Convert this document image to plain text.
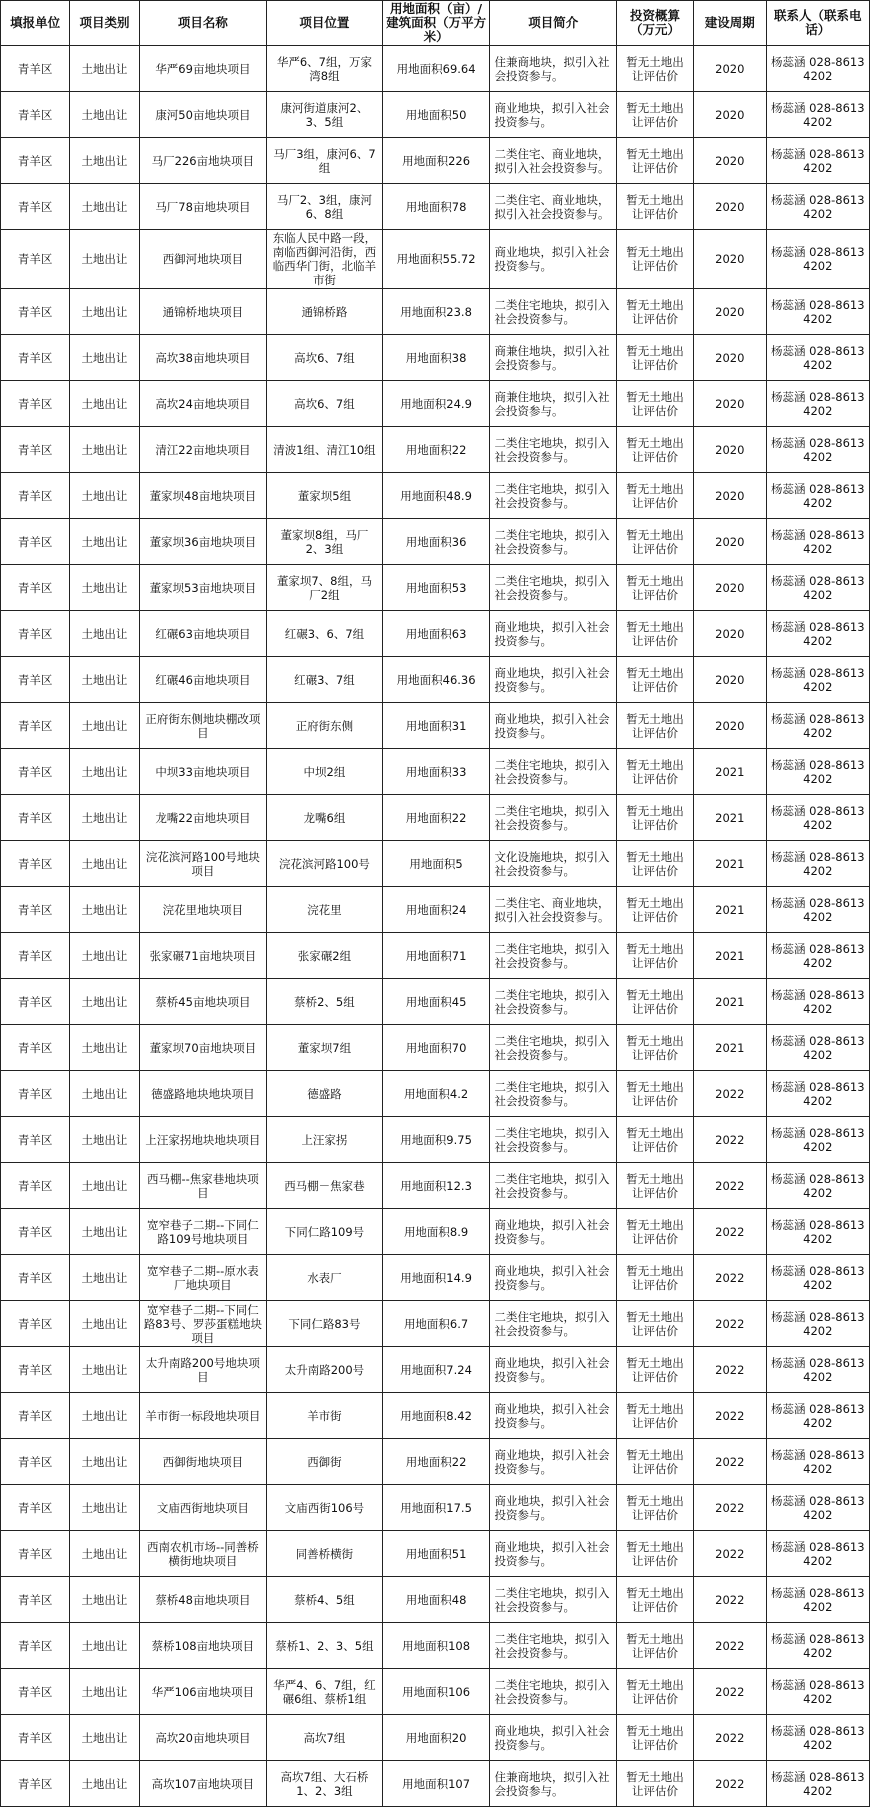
填报单位	项目类别	项目名称	项目位置	用地面积（亩）/建筑面积（万平方米）	项目简介	投资概算（万元）	建设周期	联系人（联系电话）
青羊区	土地出让	华严69亩地块项目	华严6、7组，万家湾8组	用地面积69.64	住兼商地块，拟引入社会投资参与。	暂无土地出让评估价	2020	杨蕊涵 028-86134202
青羊区	土地出让	康河50亩地块项目	康河街道康河2、3、5组	用地面积50	商业地块，拟引入社会投资参与。	暂无土地出让评估价	2020	杨蕊涵 028-86134202
青羊区	土地出让	马厂226亩地块项目	马厂3组，康河6、7组	用地面积226	二类住宅、商业地块，拟引入社会投资参与。	暂无土地出让评估价	2020	杨蕊涵 028-86134202
青羊区	土地出让	马厂78亩地块项目	马厂2、3组，康河6、8组	用地面积78	二类住宅、商业地块，拟引入社会投资参与。	暂无土地出让评估价	2020	杨蕊涵 028-86134202
青羊区	土地出让	西御河地块项目	东临人民中路一段，南临西御河沿街，西临西华门街，北临羊市街	用地面积55.72	商业地块，拟引入社会投资参与。	暂无土地出让评估价	2020	杨蕊涵 028-86134202
青羊区	土地出让	通锦桥地块项目	通锦桥路	用地面积23.8	二类住宅地块，拟引入社会投资参与。	暂无土地出让评估价	2020	杨蕊涵 028-86134202
青羊区	土地出让	高坎38亩地块项目	高坎6、7组	用地面积38	商兼住地块，拟引入社会投资参与。	暂无土地出让评估价	2020	杨蕊涵 028-86134202
青羊区	土地出让	高坎24亩地块项目	高坎6、7组	用地面积24.9	商兼住地块，拟引入社会投资参与。	暂无土地出让评估价	2020	杨蕊涵 028-86134202
青羊区	土地出让	清江22亩地块项目	清波1组、清江10组	用地面积22	二类住宅地块，拟引入社会投资参与。	暂无土地出让评估价	2020	杨蕊涵 028-86134202
青羊区	土地出让	董家坝48亩地块项目	董家坝5组	用地面积48.9	二类住宅地块，拟引入社会投资参与。	暂无土地出让评估价	2020	杨蕊涵 028-86134202
青羊区	土地出让	董家坝36亩地块项目	董家坝8组，马厂2、3组	用地面积36	二类住宅地块，拟引入社会投资参与。	暂无土地出让评估价	2020	杨蕊涵 028-86134202
青羊区	土地出让	董家坝53亩地块项目	董家坝7、8组，马厂2组	用地面积53	二类住宅地块，拟引入社会投资参与。	暂无土地出让评估价	2020	杨蕊涵 028-86134202
青羊区	土地出让	红碾63亩地块项目	红碾3、6、7组	用地面积63	商业地块，拟引入社会投资参与。	暂无土地出让评估价	2020	杨蕊涵 028-86134202
青羊区	土地出让	红碾46亩地块项目	红碾3、7组	用地面积46.36	商业地块，拟引入社会投资参与。	暂无土地出让评估价	2020	杨蕊涵 028-86134202
青羊区	土地出让	正府街东侧地块棚改项目	正府街东侧	用地面积31	商业地块，拟引入社会投资参与。	暂无土地出让评估价	2020	杨蕊涵 028-86134202
青羊区	土地出让	中坝33亩地块项目	中坝2组	用地面积33	二类住宅地块，拟引入社会投资参与。	暂无土地出让评估价	2021	杨蕊涵 028-86134202
青羊区	土地出让	龙嘴22亩地块项目	龙嘴6组	用地面积22	二类住宅地块，拟引入社会投资参与。	暂无土地出让评估价	2021	杨蕊涵 028-86134202
青羊区	土地出让	浣花滨河路100号地块项目	浣花滨河路100号	用地面积5	文化设施地块，拟引入社会投资参与。	暂无土地出让评估价	2021	杨蕊涵 028-86134202
青羊区	土地出让	浣花里地块项目	浣花里	用地面积24	二类住宅、商业地块，拟引入社会投资参与。	暂无土地出让评估价	2021	杨蕊涵 028-86134202
青羊区	土地出让	张家碾71亩地块项目	张家碾2组	用地面积71	二类住宅地块，拟引入社会投资参与。	暂无土地出让评估价	2021	杨蕊涵 028-86134202
青羊区	土地出让	蔡桥45亩地块项目	蔡桥2、5组	用地面积45	二类住宅地块，拟引入社会投资参与。	暂无土地出让评估价	2021	杨蕊涵 028-86134202
青羊区	土地出让	董家坝70亩地块项目	董家坝7组	用地面积70	二类住宅地块，拟引入社会投资参与。	暂无土地出让评估价	2021	杨蕊涵 028-86134202
青羊区	土地出让	德盛路地块地块项目	德盛路	用地面积4.2	二类住宅地块，拟引入社会投资参与。	暂无土地出让评估价	2022	杨蕊涵 028-86134202
青羊区	土地出让	上汪家拐地块地块项目	上汪家拐	用地面积9.75	二类住宅地块，拟引入社会投资参与。	暂无土地出让评估价	2022	杨蕊涵 028-86134202
青羊区	土地出让	西马棚--焦家巷地块项目	西马棚－焦家巷	用地面积12.3	二类住宅地块，拟引入社会投资参与。	暂无土地出让评估价	2022	杨蕊涵 028-86134202
青羊区	土地出让	宽窄巷子二期--下同仁路109号地块项目	下同仁路109号	用地面积8.9	商业地块，拟引入社会投资参与。	暂无土地出让评估价	2022	杨蕊涵 028-86134202
青羊区	土地出让	宽窄巷子二期--原水表厂地块项目	水表厂	用地面积14.9	商业地块，拟引入社会投资参与。	暂无土地出让评估价	2022	杨蕊涵 028-86134202
青羊区	土地出让	宽窄巷子二期--下同仁路83号、罗莎蛋糕地块项目	下同仁路83号	用地面积6.7	二类住宅地块，拟引入社会投资参与。	暂无土地出让评估价	2022	杨蕊涵 028-86134202
青羊区	土地出让	太升南路200号地块项目	太升南路200号	用地面积7.24	商业地块，拟引入社会投资参与。	暂无土地出让评估价	2022	杨蕊涵 028-86134202
青羊区	土地出让	羊市街一标段地块项目	羊市街	用地面积8.42	商业地块，拟引入社会投资参与。	暂无土地出让评估价	2022	杨蕊涵 028-86134202
青羊区	土地出让	西御街地块项目	西御街	用地面积22	商业地块，拟引入社会投资参与。	暂无土地出让评估价	2022	杨蕊涵 028-86134202
青羊区	土地出让	文庙西街地块项目	文庙西街106号	用地面积17.5	商业地块，拟引入社会投资参与。	暂无土地出让评估价	2022	杨蕊涵 028-86134202
青羊区	土地出让	西南农机市场--同善桥横街地块项目	同善桥横街	用地面积51	商业地块，拟引入社会投资参与。	暂无土地出让评估价	2022	杨蕊涵 028-86134202
青羊区	土地出让	蔡桥48亩地块项目	蔡桥4、5组	用地面积48	二类住宅地块，拟引入社会投资参与。	暂无土地出让评估价	2022	杨蕊涵 028-86134202
青羊区	土地出让	蔡桥108亩地块项目	蔡桥1、2、3、5组	用地面积108	二类住宅地块，拟引入社会投资参与。	暂无土地出让评估价	2022	杨蕊涵 028-86134202
青羊区	土地出让	华严106亩地块项目	华严4、6、7组，红碾6组、蔡桥1组	用地面积106	二类住宅地块，拟引入社会投资参与。	暂无土地出让评估价	2022	杨蕊涵 028-86134202
青羊区	土地出让	高坎20亩地块项目	高坎7组	用地面积20	商业地块，拟引入社会投资参与。	暂无土地出让评估价	2022	杨蕊涵 028-86134202
青羊区	土地出让	高坎107亩地块项目	高坎7组、大石桥1、2、3组	用地面积107	住兼商地块，拟引入社会投资参与。	暂无土地出让评估价	2022	杨蕊涵 028-86134202
